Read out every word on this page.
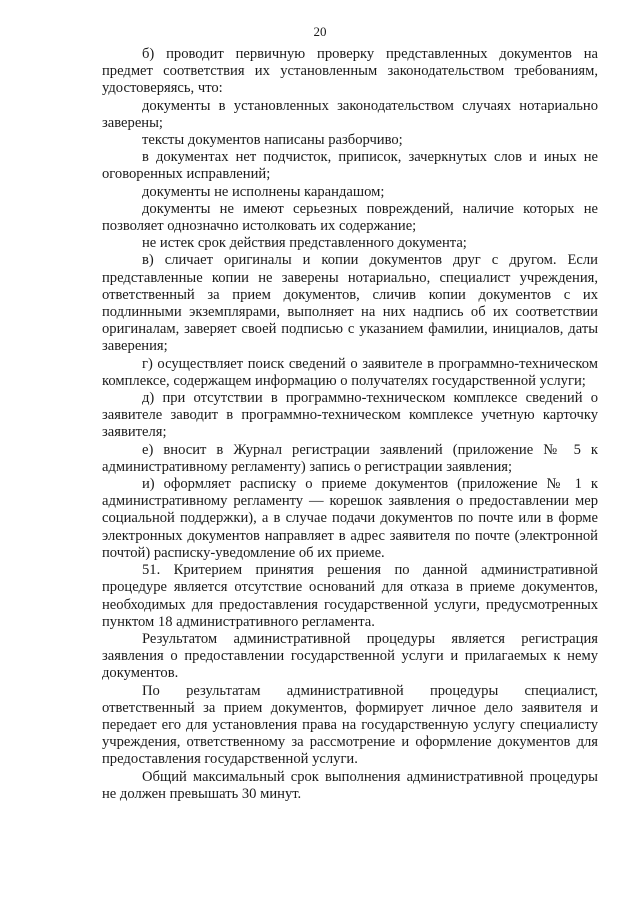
20

б) проводит первичную проверку представленных документов на предмет соответствия их установленным законодательством требованиям, удостоверяясь, что:

документы в установленных законодательством случаях нотариально заверены;

тексты документов написаны разборчиво;

в документах нет подчисток, приписок, зачеркнутых слов и иных не оговоренных исправлений;

документы не исполнены карандашом;

документы не имеют серьезных повреждений, наличие которых не позволяет однозначно истолковать их содержание;

не истек срок действия представленного документа;

в) сличает оригиналы и копии документов друг с другом. Если представленные копии не заверены нотариально, специалист учреждения, ответственный за прием документов, сличив копии документов с их подлинными экземплярами, выполняет на них надпись об их соответствии оригиналам, заверяет своей подписью с указанием фамилии, инициалов, даты заверения;

г) осуществляет поиск сведений о заявителе в программно-техническом комплексе, содержащем информацию о получателях государственной услуги;

д) при отсутствии в программно-техническом комплексе сведений о заявителе заводит в программно-техническом комплексе учетную карточку заявителя;

е) вносит в Журнал регистрации заявлений (приложение № 5 к административному регламенту) запись о регистрации заявления;

и) оформляет расписку о приеме документов (приложение № 1 к административному регламенту — корешок заявления о предоставлении мер социальной поддержки), а в случае подачи документов по почте или в форме электронных документов направляет в адрес заявителя по почте (электронной почтой) расписку-уведомление об их приеме.

51. Критерием принятия решения по данной административной процедуре является отсутствие оснований для отказа в приеме документов, необходимых для предоставления государственной услуги, предусмотренных пунктом 18 административного регламента.

Результатом административной процедуры является регистрация заявления о предоставлении государственной услуги и прилагаемых к нему документов.

По результатам административной процедуры специалист, ответственный за прием документов, формирует личное дело заявителя и передает его для установления права на государственную услугу специалисту учреждения, ответственному за рассмотрение и оформление документов для предоставления государственной услуги.

Общий максимальный срок выполнения административной процедуры не должен превышать 30 минут.
